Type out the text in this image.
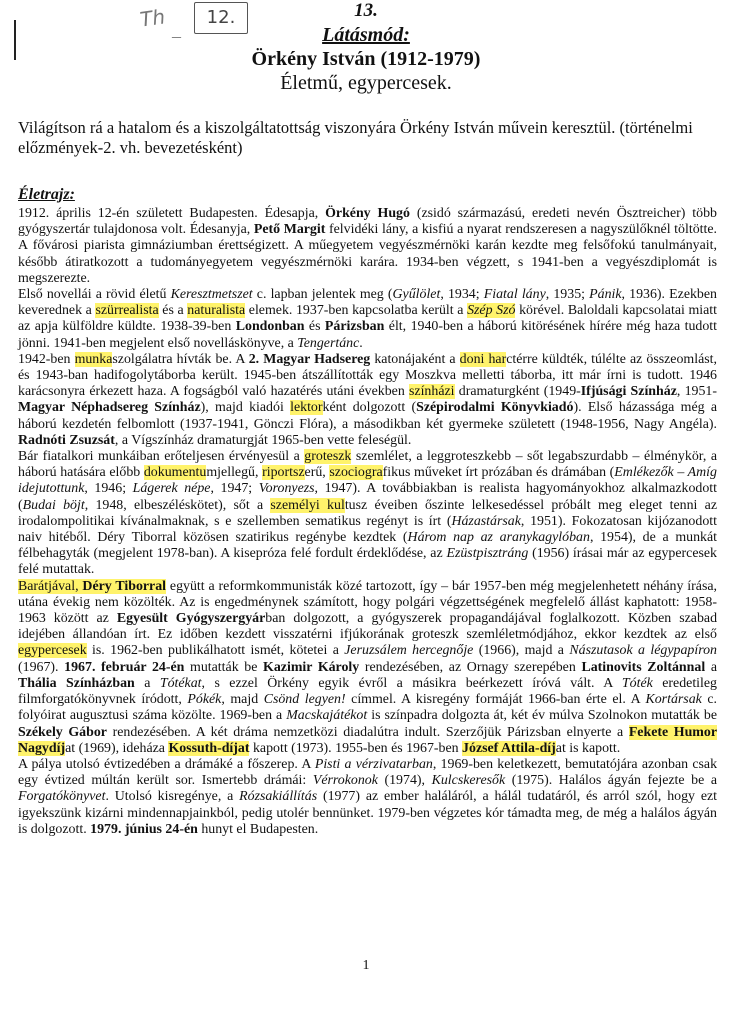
Th
–
12.	13.
Látásmód:
Örkény István (1912-1979)
Életmű, egypercesek.
Világítson rá a hatalom és a kiszolgáltatottság viszonyára Örkény István művein keresztül. (történelmi előzmények-2. vh. bevezetésként)
Életrajz:

1912. április 12-én született Budapesten. Édesapja, Örkény Hugó (zsidó származású, eredeti nevén Ösztreicher) több gyógyszertár tulajdonosa volt. Édesanyja, Pető Margit felvidéki lány, a kisfiú a nyarat rendszeresen a nagyszülőknél töltötte. A fővárosi piarista gimnáziumban érettségizett. A műegyetem vegyészmérnöki karán kezdte meg felsőfokú tanulmányait, később átiratkozott a tudományegyetem vegyészmérnöki karára. 1934-ben végzett, s 1941-ben a vegyészdiplomát is megszerezte.

Első novellái a rövid életű Keresztmetszet c. lapban jelentek meg (Gyűlölet, 1934; Fiatal lány, 1935; Pánik, 1936). Ezekben keverednek a szürrealista és a naturalista elemek. 1937-ben kapcsolatba került a Szép Szó körével. Baloldali kapcsolatai miatt az apja külföldre küldte. 1938-39-ben Londonban és Párizsban élt, 1940-ben a háború kitörésének hírére még haza tudott jönni. 1941-ben megjelent első novelláskönyve, a Tengertánc.

1942-ben munkaszolgálatra hívták be. A 2. Magyar Hadsereg katonájaként a doni harctérre küldték, túlélte az összeomlást, és 1943-ban hadifogolytáborba került. 1945-ben átszállították egy Moszkva melletti táborba, itt már írni is tudott. 1946 karácsonyra érkezett haza. A fogságból való hazatérés utáni években színházi dramaturgként (1949-Ifjúsági Színház, 1951-Magyar Néphadsereg Színház), majd kiadói lektorként dolgozott (Szépirodalmi Könyvkiadó). Első házassága még a háború kezdetén felbomlott (1937-1941, Gönczi Flóra), a másodikban két gyermeke született (1948-1956, Nagy Angéla). Radnóti Zsuzsát, a Vígszínház dramaturgját 1965-ben vette feleségül.

Bár fiatalkori munkáiban erőteljesen érvényesül a groteszk szemlélet, a leggroteszkebb – sőt legabszurdabb – élménykör, a háború hatására előbb dokumentumjellegű, riportszerű, szociografikus műveket írt prózában és drámában (Emlékezők – Amíg idejutottunk, 1946; Lágerek népe, 1947; Voronyezs, 1947). A továbbiakban is realista hagyományokhoz alkalmazkodott (Budai böjt, 1948, elbeszéléskötet), sőt a személyi kultusz éveiben őszinte lelkesedéssel próbált meg eleget tenni az irodalompolitikai kívánalmaknak, s e szellemben sematikus regényt is írt (Házastársak, 1951). Fokozatosan kijózanodott naiv hitéből. Déry Tiborral közösen szatirikus regénybe kezdtek (Három nap az aranykagylóban, 1954), de a munkát félbehagyták (megjelent 1978-ban). A kisepróza felé fordult érdeklődése, az Ezüstpisztráng (1956) írásai már az egypercesek felé mutattak.

Barátjával, Déry Tiborral együtt a reformkommunisták közé tartozott, így – bár 1957-ben még megjelenhetett néhány írása, utána évekig nem közölték. Az is engedménynek számított, hogy polgári végzettségének megfelelő állást kaphatott: 1958-1963 között az Egyesült Gyógyszergyárban dolgozott, a gyógyszerek propagandájával foglalkozott. Közben szabad idejében állandóan írt. Ez időben kezdett visszatérni ifjúkorának groteszk szemléletmódjához, ekkor kezdtek az első egypercesek is. 1962-ben publikálhatott ismét, kötetei a Jeruzsálem hercegnője (1966), majd a Nászutasok a légypapíron (1967). 1967. február 24-én mutatták be Kazimir Károly rendezésében, az Ornagy szerepében Latinovits Zoltánnal a Thália Színházban a Tótékat, s ezzel Örkény egyik évről a másikra beérkezett íróvá vált. A Tóték eredetileg filmforgatókönyvnek íródott, Pókék, majd Csönd legyen! címmel. A kisregény formáját 1966-ban érte el. A Kortársak c. folyóirat augusztusi száma közölte. 1969-ben a Macskajátékot is színpadra dolgozta át, két év múlva Szolnokon mutatták be Székely Gábor rendezésében. A két dráma nemzetközi diadalútra indult. Szerzőjük Párizsban elnyerte a Fekete Humor Nagydíjat (1969), ideháza Kossuth-díjat kapott (1973). 1955-ben és 1967-ben József Attila-díjat is kapott.

A pálya utolsó évtizedében a drámáké a főszerep. A Pisti a vérzivatarban, 1969-ben keletkezett, bemutatójára azonban csak egy évtized múltán került sor. Ismertebb drámái: Vérrokonok (1974), Kulcskeresők (1975). Halálos ágyán fejezte be a Forgatókönyvet. Utolsó kisregénye, a Rózsakiállítás (1977) az ember haláláról, a hálál tudatáról, és arról szól, hogy ezt igyekszünk kizárni mindennapjainkból, pedig utolér bennünket. 1979-ben végzetes kór támadta meg, de még a halálos ágyán is dolgozott. 1979. június 24-én hunyt el Budapesten.

1
